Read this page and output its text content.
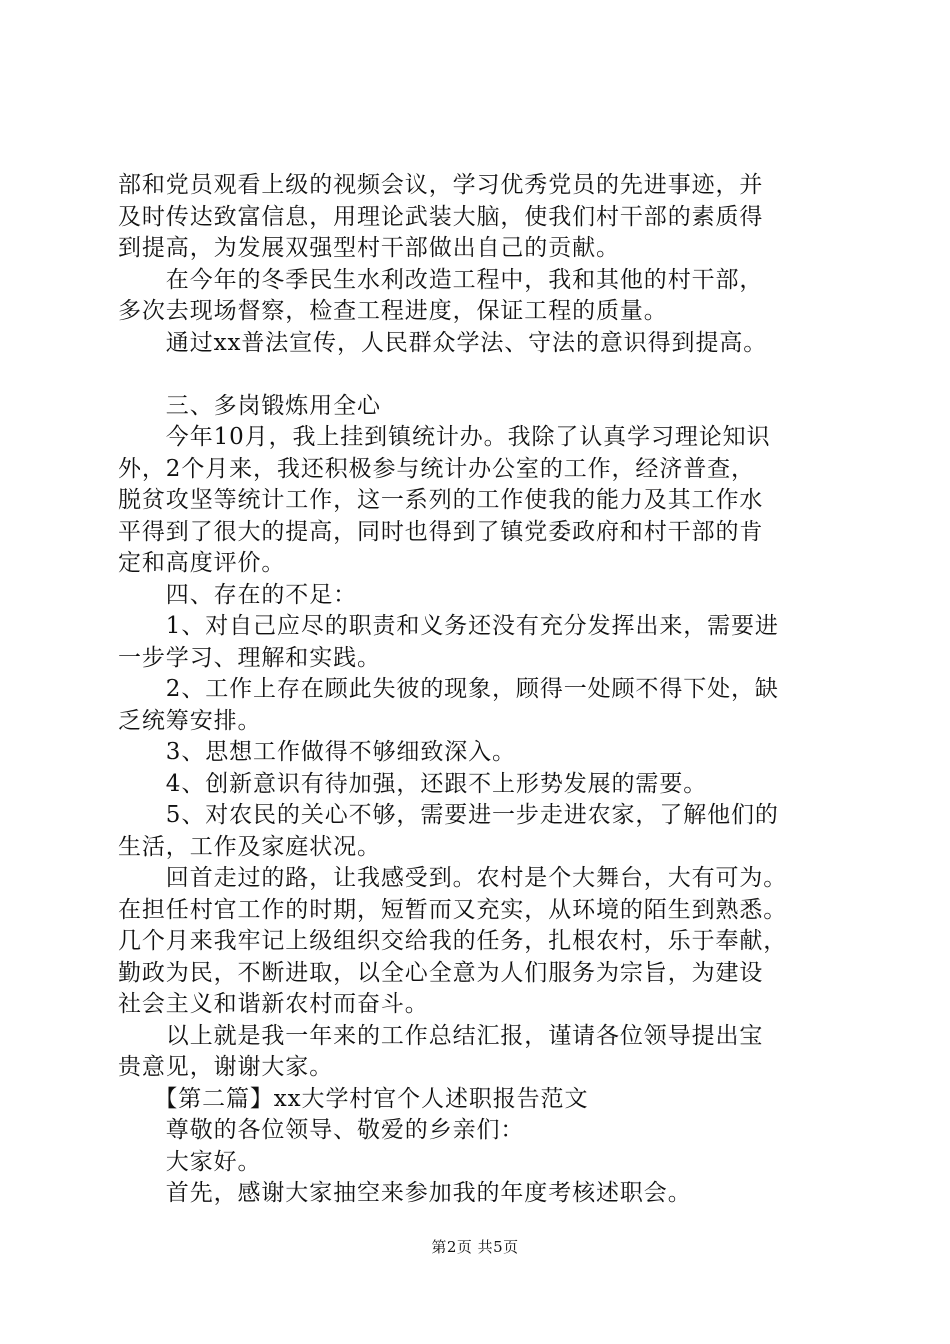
部和党员观看上级的视频会议，学习优秀党员的先进事迹，并
及时传达致富信息，用理论武装大脑，使我们村干部的素质得
到提高，为发展双强型村干部做出自己的贡献。
　　在今年的冬季民生水利改造工程中，我和其他的村干部，
多次去现场督察，检查工程进度，保证工程的质量。
　　通过xx普法宣传，人民群众学法、守法的意识得到提高。
　　三、多岗锻炼用全心
　　今年10月，我上挂到镇统计办。我除了认真学习理论知识
外，2个月来，我还积极参与统计办公室的工作，经济普查，
脱贫攻坚等统计工作，这一系列的工作使我的能力及其工作水
平得到了很大的提高，同时也得到了镇党委政府和村干部的肯
定和高度评价。
　　四、存在的不足：
　　1、对自己应尽的职责和义务还没有充分发挥出来，需要进
一步学习、理解和实践。
　　2、工作上存在顾此失彼的现象，顾得一处顾不得下处，缺
乏统筹安排。
　　3、思想工作做得不够细致深入。
　　4、创新意识有待加强，还跟不上形势发展的需要。
　　5、对农民的关心不够，需要进一步走进农家，了解他们的
生活，工作及家庭状况。
　　回首走过的路，让我感受到。农村是个大舞台，大有可为。
在担任村官工作的时期，短暂而又充实，从环境的陌生到熟悉。
几个月来我牢记上级组织交给我的任务，扎根农村，乐于奉献，
勤政为民，不断进取，以全心全意为人们服务为宗旨，为建设
社会主义和谐新农村而奋斗。
　　以上就是我一年来的工作总结汇报，谨请各位领导提出宝
贵意见，谢谢大家。
　　【第二篇】xx大学村官个人述职报告范文
　　尊敬的各位领导、敬爱的乡亲们：
　　大家好。
　　首先，感谢大家抽空来参加我的年度考核述职会。
第2页 共5页
